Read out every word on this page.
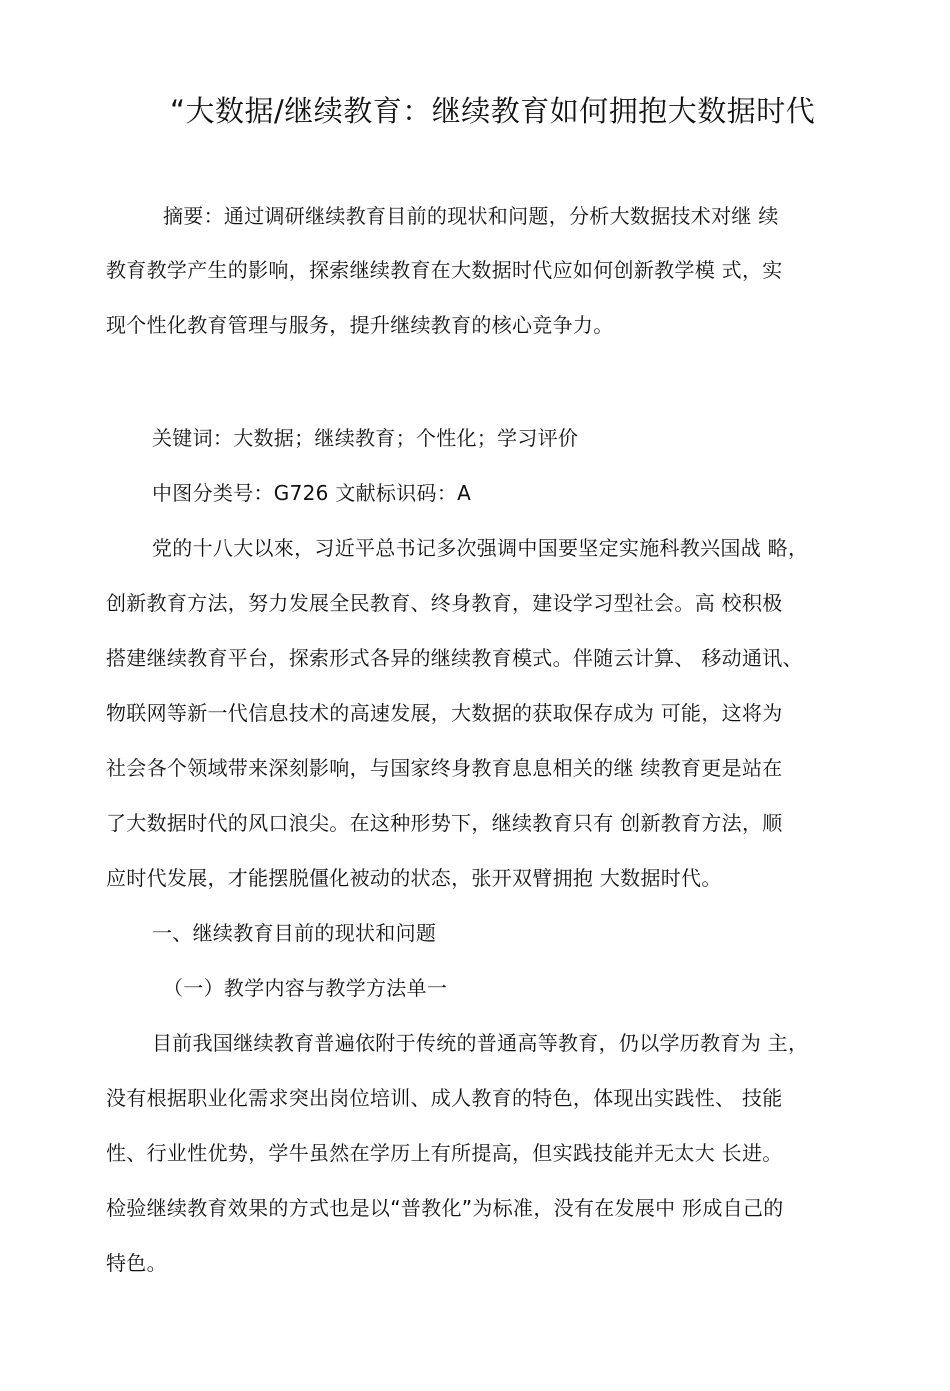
“大数据/继续教育：继续教育如何拥抱大数据时代
摘要：通过调研继续教育目前的现状和问题，分析大数据技术对继 续
教育教学产生的影响，探索继续教育在大数据时代应如何创新教学模 式，实
现个性化教育管理与服务，提升继续教育的核心竞争力。
关键词：大数据；继续教育；个性化；学习评价
中图分类号：G726 文献标识码：A
党的十八大以來，习近平总书记多次强调中国要坚定实施科教兴国战 略，
创新教育方法，努力发展全民教育、终身教育，建设学习型社会。高 校积极
搭建继续教育平台，探索形式各异的继续教育模式。伴随云计算、 移动通讯、
物联网等新一代信息技术的高速发展，大数据的获取保存成为 可能，这将为
社会各个领域带来深刻影响，与国家终身教育息息相关的继 续教育更是站在
了大数据时代的风口浪尖。在这种形势下，继续教育只有 创新教育方法，顺
应时代发展，才能摆脱僵化被动的状态，张开双臂拥抱 大数据时代。
一、继续教育目前的现状和问题
（一）教学内容与教学方法单一
目前我国继续教育普遍依附于传统的普通高等教育，仍以学历教育为 主，
没有根据职业化需求突出岗位培训、成人教育的特色，体现出实践性、 技能
性、行业性优势，学牛虽然在学历上有所提高，但实践技能并无太大 长进。
检验继续教育效果的方式也是以“普教化”为标准，没有在发展中 形成自己的
特色。
